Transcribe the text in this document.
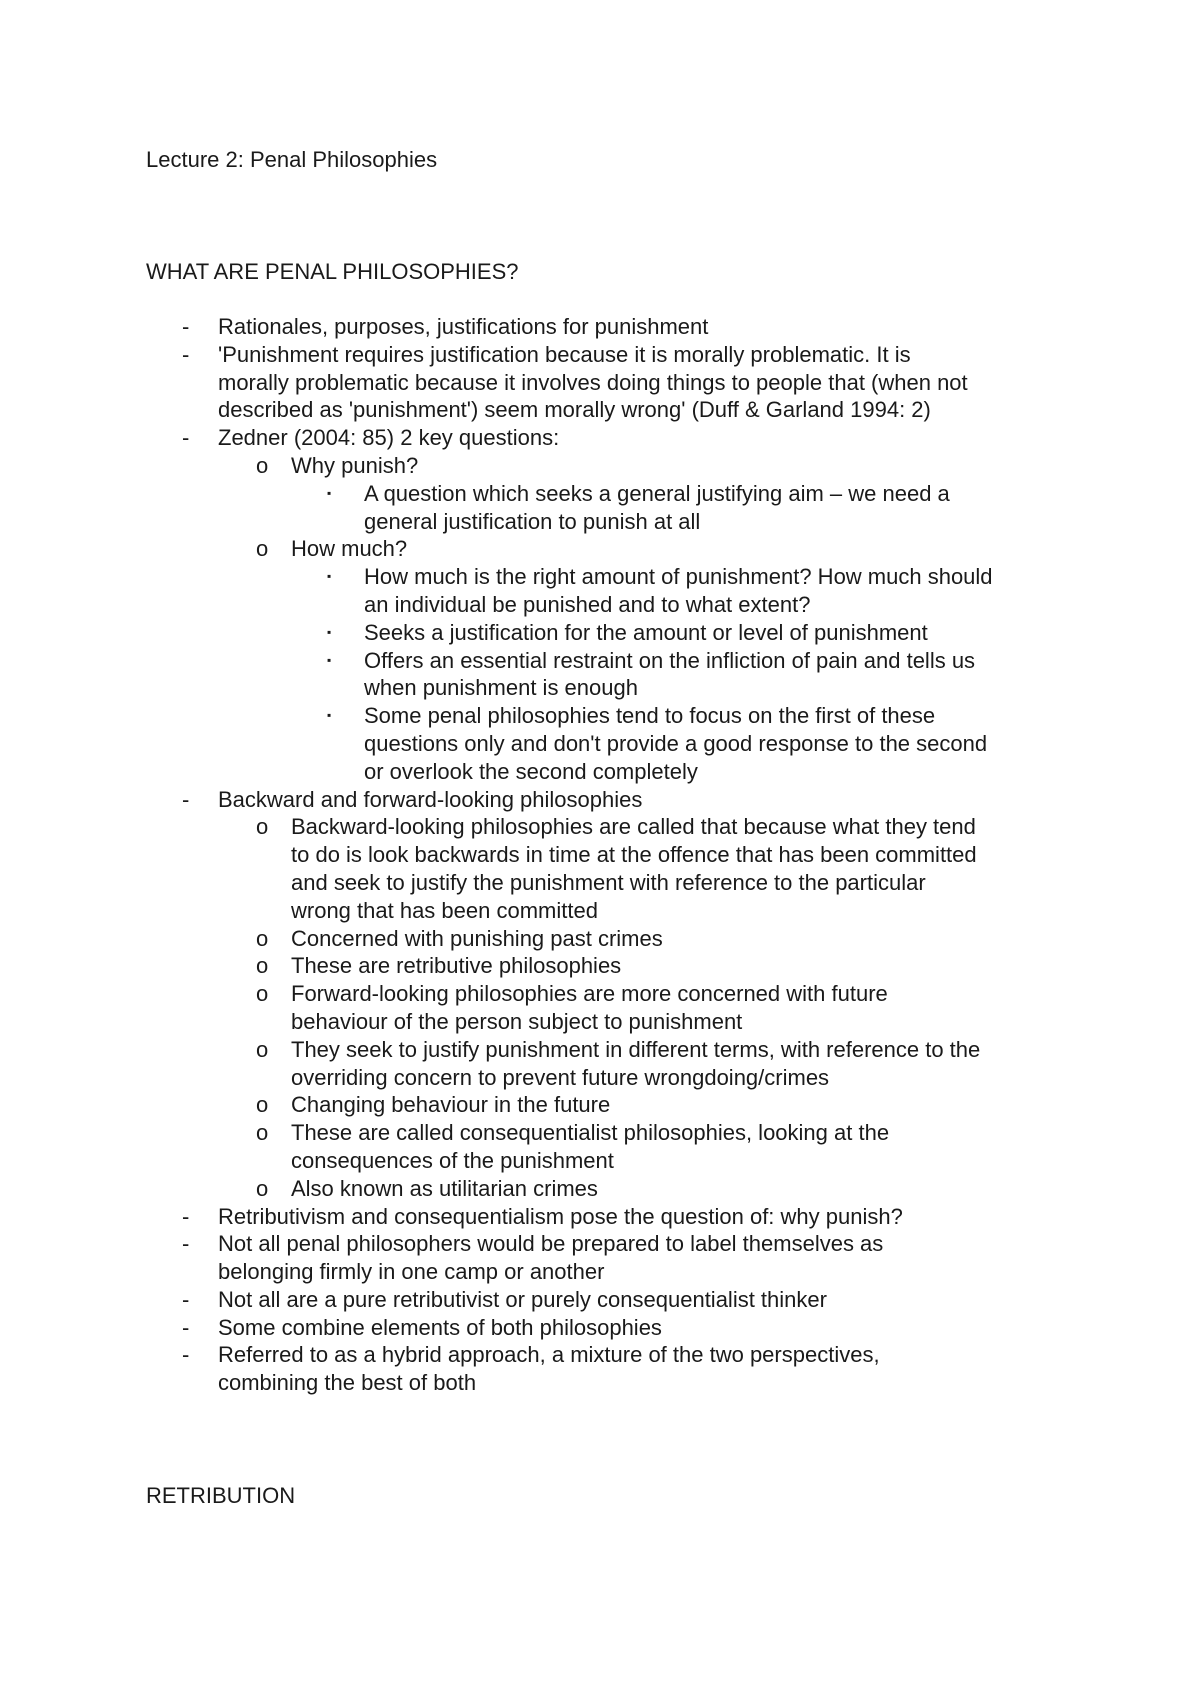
Lecture 2: Penal Philosophies
WHAT ARE PENAL PHILOSOPHIES?
- Rationales, purposes, justifications for punishment
- 'Punishment requires justification because it is morally problematic. It is
morally problematic because it involves doing things to people that (when not
described as 'punishment') seem morally wrong' (Duff & Garland 1994: 2)
- Zedner (2004: 85) 2 key questions:
o Why punish?
▪ A question which seeks a general justifying aim – we need a
general justification to punish at all
o How much?
▪ How much is the right amount of punishment? How much should
an individual be punished and to what extent?
▪ Seeks a justification for the amount or level of punishment
▪ Offers an essential restraint on the infliction of pain and tells us
when punishment is enough
▪ Some penal philosophies tend to focus on the first of these
questions only and don't provide a good response to the second
or overlook the second completely
- Backward and forward-looking philosophies
o Backward-looking philosophies are called that because what they tend
to do is look backwards in time at the offence that has been committed
and seek to justify the punishment with reference to the particular
wrong that has been committed
o Concerned with punishing past crimes
o These are retributive philosophies
o Forward-looking philosophies are more concerned with future
behaviour of the person subject to punishment
o They seek to justify punishment in different terms, with reference to the
overriding concern to prevent future wrongdoing/crimes
o Changing behaviour in the future
o These are called consequentialist philosophies, looking at the
consequences of the punishment
o Also known as utilitarian crimes
- Retributivism and consequentialism pose the question of: why punish?
- Not all penal philosophers would be prepared to label themselves as
belonging firmly in one camp or another
- Not all are a pure retributivist or purely consequentialist thinker
- Some combine elements of both philosophies
- Referred to as a hybrid approach, a mixture of the two perspectives,
combining the best of both
RETRIBUTION
